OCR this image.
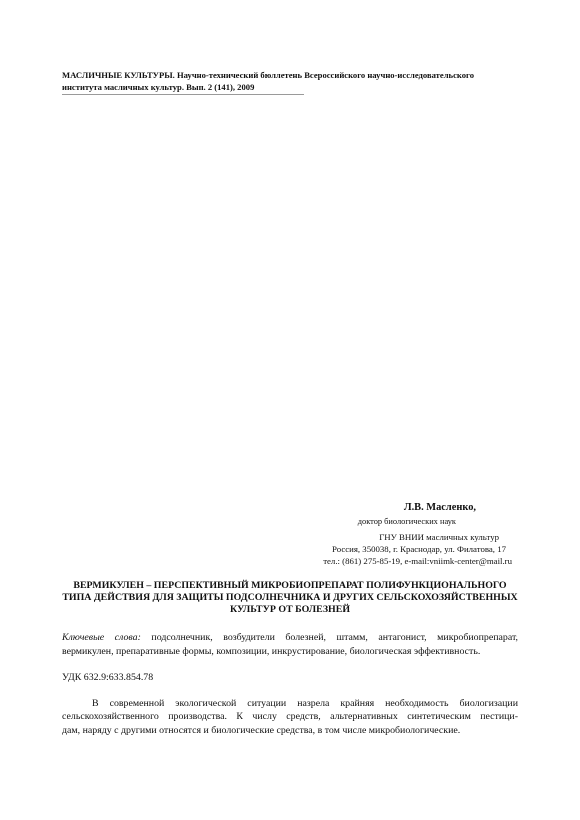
МАСЛИЧНЫЕ КУЛЬТУРЫ. Научно-технический бюллетень Всероссийского научно-исследовательского
института масличных культур. Вып. 2 (141), 2009
Л.В. Масленко,
доктор биологических наук
ГНУ ВНИИ масличных культур
Россия, 350038, г. Краснодар, ул. Филатова, 17
тел.: (861) 275-85-19, e-mail:vniimk-center@mail.ru
ВЕРМИКУЛЕН – ПЕРСПЕКТИВНЫЙ МИКРОБИОПРЕПАРАТ ПОЛИФУНКЦИОНАЛЬНОГО
ТИПА ДЕЙСТВИЯ ДЛЯ ЗАЩИТЫ ПОДСОЛНЕЧНИКА И ДРУГИХ СЕЛЬСКОХОЗЯЙСТВЕННЫХ
КУЛЬТУР ОТ БОЛЕЗНЕЙ
Ключевые слова: подсолнечник, возбудители болезней, штамм, антагонист, микробиопрепарат,
вермикулен, препаративные формы, композиции, инкрустирование, биологическая эффективность.
УДК 632.9:633.854.78
В современной экологической ситуации назрела крайняя необходимость биологизации
сельскохозяйственного производства. К числу средств, альтернативных синтетическим пестици-
дам, наряду с другими относятся и биологические средства, в том числе микробиологические.
